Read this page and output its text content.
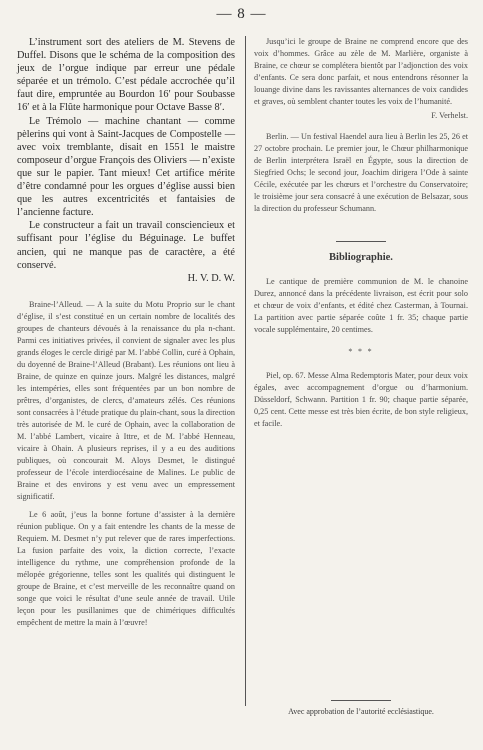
— 8 —

L’instrument sort des ateliers de M. Stevens de Duffel. Disons que le schéma de la composition des jeux de l’orgue indique par erreur une pédale séparée et un trémolo. C’est pédale accrochée qu’il faut dire, empruntée au Bourdon 16′ pour Soubasse 16′ et à la Flûte harmonique pour Octave Basse 8′.

Le Trémolo — machine chantant — comme pèlerins qui vont à Saint-Jacques de Compostelle — avec voix tremblante, disait en 1551 le maistre composeur d’orgue François des Oliviers — n’existe que sur le papier. Tant mieux! Cet artifice mérite d’être condamné pour les orgues d’église aussi bien que les autres excentricités et fantaisies de l’ancienne facture.

Le constructeur a fait un travail consciencieux et suffisant pour l’église du Béguinage. Le buffet ancien, qui ne manque pas de caractère, a été conservé.

H. V. D. W.

Braine-l’Alleud. — A la suite du Motu Proprio sur le chant d’église, il s’est constitué en un certain nombre de localités des groupes de chanteurs dévoués à la renaissance du pla n-chant. Parmi ces initiatives privées, il convient de signaler avec les plus grands éloges le cercle dirigé par M. l’abbé Collin, curé à Ophain, du doyenné de Braine-l’Alleud (Brabant). Les réunions ont lieu à Braine, de quinze en quinze jours. Malgré les distances, malgré les intempéries, elles sont fréquentées par un bon nombre de prêtres, d’organistes, de clercs, d’amateurs zélés. Ces réunions sont consacrées à l’étude pratique du plain-chant, sous la direction très autorisée de M. le curé de Ophain, avec la collaboration de M. l’abbé Lambert, vicaire à Ittre, et de M. l’abbé Henneau, vicaire à Ohain. A plusieurs reprises, il y a eu des auditions publiques, où concourait M. Aloys Desmet, le distingué professeur de l’école interdiocésaine de Malines. Le public de Braine et des environs y est venu avec un empressement significatif.

Le 6 août, j’eus la bonne fortune d’assister à la dernière réunion publique. On y a fait entendre les chants de la messe de Requiem. M. Desmet n’y put relever que de rares imperfections. La fusion parfaite des voix, la diction correcte, l’exacte intelligence du rythme, une compréhension profonde de la mélopée grégorienne, telles sont les qualités qui distinguent le groupe de Braine, et c’est merveille de les reconnaître quand on songe que voici le résultat d’une seule année de travail. Utile leçon pour les pusillanimes que de chimériques difficultés empêchent de mettre la main à l’œuvre!

Jusqu’ici le groupe de Braine ne comprend encore que des voix d’hommes. Grâce au zèle de M. Marlière, organiste à Braine, ce chœur se complétera bientôt par l’adjonction des voix d’enfants. Ce sera donc parfait, et nous entendrons résonner la louange divine dans les ravissantes alternances de voix candides et graves, où semblent chanter toutes les voix de l’humanité.

F. Verhelst.

Berlin. — Un festival Haendel aura lieu à Berlin les 25, 26 et 27 octobre prochain. Le premier jour, le Chœur philharmonique de Berlin interprétera Israël en Égypte, sous la direction de Siegfried Ochs; le second jour, Joachim dirigera l’Ode à sainte Cécile, exécutée par les chœurs et l’orchestre du Conservatoire; le troisième jour sera consacré à une exécution de Belsazar, sous la direction du professeur Schumann.

Bibliographie.

Le cantique de première communion de M. le chanoine Durez, annoncé dans la précédente livraison, est écrit pour solo et chœur de voix d’enfants, et édité chez Casterman, à Tournai. La partition avec partie séparée coûte 1 fr. 35; chaque partie vocale supplémentaire, 20 centimes.

* * *

Piel, op. 67. Messe Alma Redemptoris Mater, pour deux voix égales, avec accompagnement d’orgue ou d’harmonium. Düsseldorf, Schwann. Partition 1 fr. 90; chaque partie séparée, 0,25 cent. Cette messe est très bien écrite, de bon style religieux, et facile.

Avec approbation de l’autorité ecclésiastique.
